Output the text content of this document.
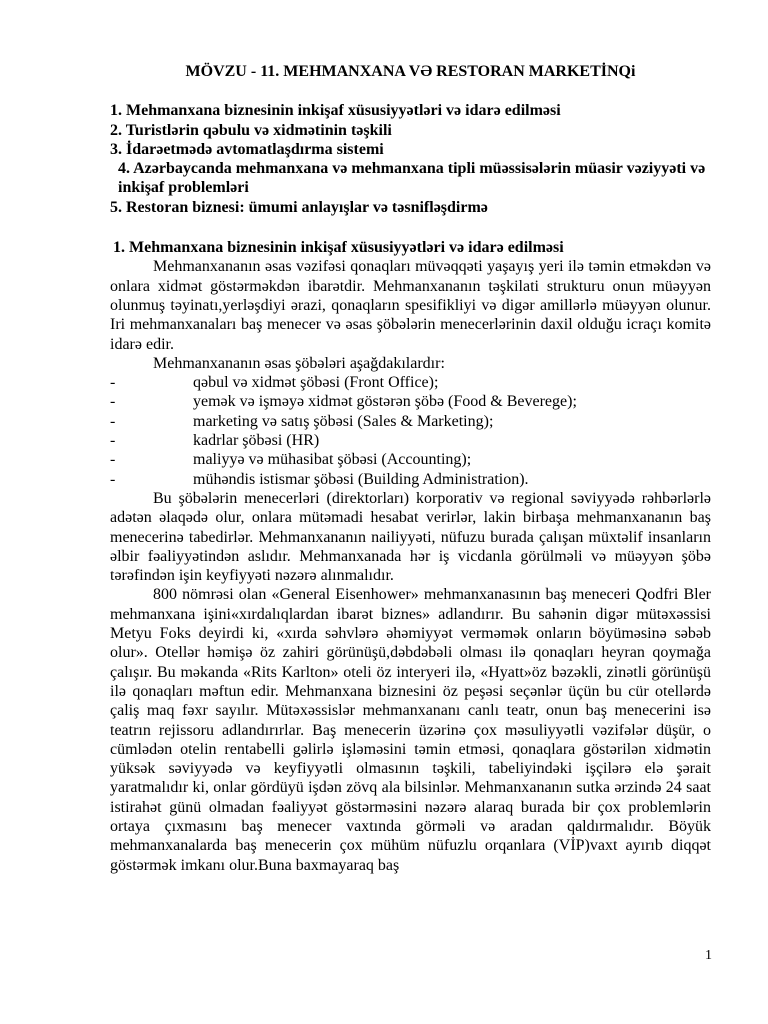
MÖVZU - 11. MEHMANXANA VƏ RESTORAN MARKETİNQi
1. Mehmanxana biznesinin inkişaf xüsusiyyətləri və idarə edilməsi
2. Turistlərin qəbulu və xidmətinin təşkili
3. İdarəetmədə avtomatlaşdırma sistemi
4. Azərbaycanda mehmanxana və mehmanxana tipli müəssisələrin müasir vəziyyəti və inkişaf problemləri
5. Restoran biznesi: ümumi anlayışlar və təsnifləşdirmə
1. Mehmanxana biznesinin inkişaf xüsusiyyətləri və idarə edilməsi

Mehmanxananın əsas vəzifəsi qonaqları müvəqqəti yaşayış yeri ilə təmin etməkdən və onlara xidmət göstərməkdən ibarətdir. Mehmanxananın təşkilati strukturu onun müəyyən olunmuş təyinatı,yerləşdiyi ərazi, qonaqların spesifikliyi və digər amillərlə müəyyən olunur. Iri mehmanxanaları baş menecer və əsas şöbələrin menecerlərinin daxil olduğu icraçı komitə idarə edir.

Mehmanxananın əsas şöbələri aşağdakılardır:

-	qəbul və xidmət şöbəsi (Front Office);
-	yemək və işməyə xidmət göstərən şöbə (Food & Beverege);
-	marketing və satış şöbəsi (Sales & Marketing);
-	kadrlar şöbəsi (HR)
-	maliyyə və mühasibat şöbəsi (Accounting);
-	mühəndis istismar şöbəsi (Building Administration).

Bu şöbələrin menecerləri (direktorları) korporativ və regional səviyyədə rəhbərlərlə adətən əlaqədə olur, onlara mütəmadi hesabat verirlər, lakin birbaşa mehmanxananın baş menecerinə tabedirlər. Mehmanxananın nailiyyəti, nüfuzu burada çalışan müxtəlif insanların əlbir fəaliyyətindən aslıdır. Mehmanxanada hər iş vicdanla görülməli və müəyyən şöbə tərəfindən işin keyfiyyəti nəzərə alınmalıdır.

800 nömrəsi olan «General Eisenhower» mehmanxanasının baş meneceri Qodfri Bler mehmanxana işini«xırdalıqlardan ibarət biznes» adlandırır. Bu sahənin digər mütəxəssisi Metyu Foks deyirdi ki, «xırda səhvlərə əhəmiyyət verməmək onların böyüməsinə səbəb olur». Otellər həmişə öz zahiri görünüşü,dəbdəbəli olması ilə qonaqları heyran qoymağa çalışır. Bu məkanda «Rits Karlton» oteli öz interyeri ilə, «Hyatt»öz bəzəkli, zinətli görünüşü ilə qonaqları məftun edir. Mehmanxana biznesini öz peşəsi seçənlər üçün bu cür otellərdə çaliş maq fəxr sayılır. Mütəxəssislər mehmanxananı canlı teatr, onun baş menecerini isə teatrın rejissoru adlandırırlar. Baş menecerin üzərinə çox məsuliyyətli vəzifələr düşür, o cümlədən otelin rentabelli gəlirlə işləməsini təmin etməsi, qonaqlara göstərilən xidmətin yüksək səviyyədə və keyfiyyətli olmasının təşkili, tabeliyindəki işçilərə elə şərait yaratmalıdır ki, onlar gördüyü işdən zövq ala bilsinlər. Mehmanxananın sutka ərzində 24 saat istirahət günü olmadan fəaliyyət göstərməsini nəzərə alaraq burada bir çox problemlərin ortaya çıxmasını baş menecer vaxtında görməli və aradan qaldırmalıdır. Böyük mehmanxanalarda baş menecerin çox mühüm nüfuzlu orqanlara (VİP)vaxt ayırıb diqqət göstərmək imkanı olur.Buna baxmayaraq baş

1
